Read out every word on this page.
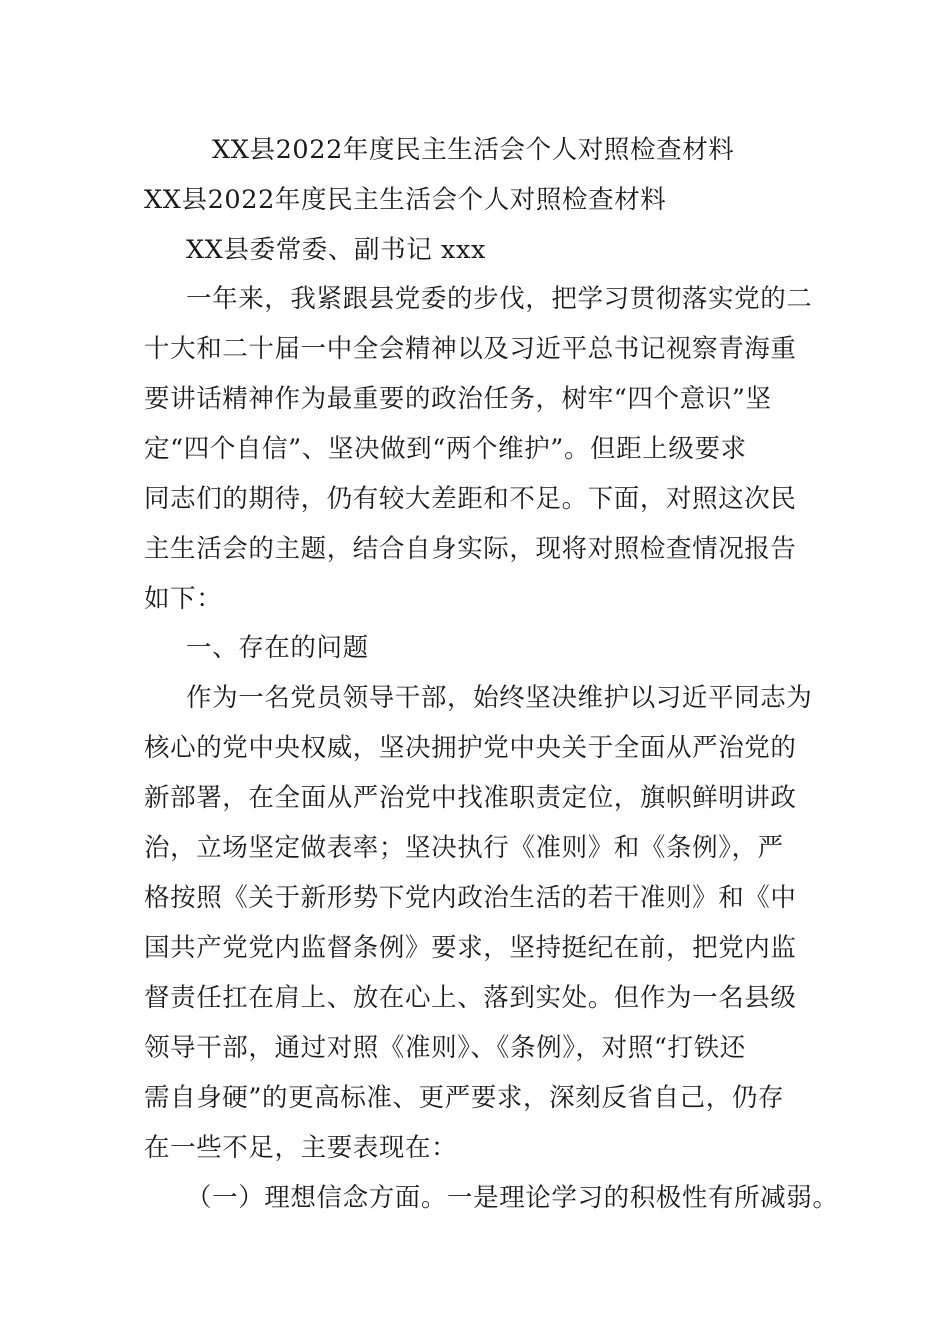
XX县2022年度民主生活会个人对照检查材料
XX县2022年度民主生活会个人对照检查材料
XX县委常委、副书记 xxx
一年来，我紧跟县党委的步伐，把学习贯彻落实党的二
十大和二十届一中全会精神以及习近平总书记视察青海重
要讲话精神作为最重要的政治任务，树牢“四个意识”坚
定“四个自信”、坚决做到“两个维护”。但距上级要求
同志们的期待，仍有较大差距和不足。下面，对照这次民
主生活会的主题，结合自身实际，现将对照检查情况报告
如下：
一、存在的问题
作为一名党员领导干部，始终坚决维护以习近平同志为
核心的党中央权威，坚决拥护党中央关于全面从严治党的
新部署，在全面从严治党中找准职责定位，旗帜鲜明讲政
治，立场坚定做表率；坚决执行《准则》和《条例》，严
格按照《关于新形势下党内政治生活的若干准则》和《中
国共产党党内监督条例》要求，坚持挺纪在前，把党内监
督责任扛在肩上、放在心上、落到实处。但作为一名县级
领导干部，通过对照《准则》、《条例》，对照“打铁还
需自身硬”的更高标准、更严要求，深刻反省自己，仍存
在一些不足，主要表现在：
（一）理想信念方面。一是理论学习的积极性有所减弱。
